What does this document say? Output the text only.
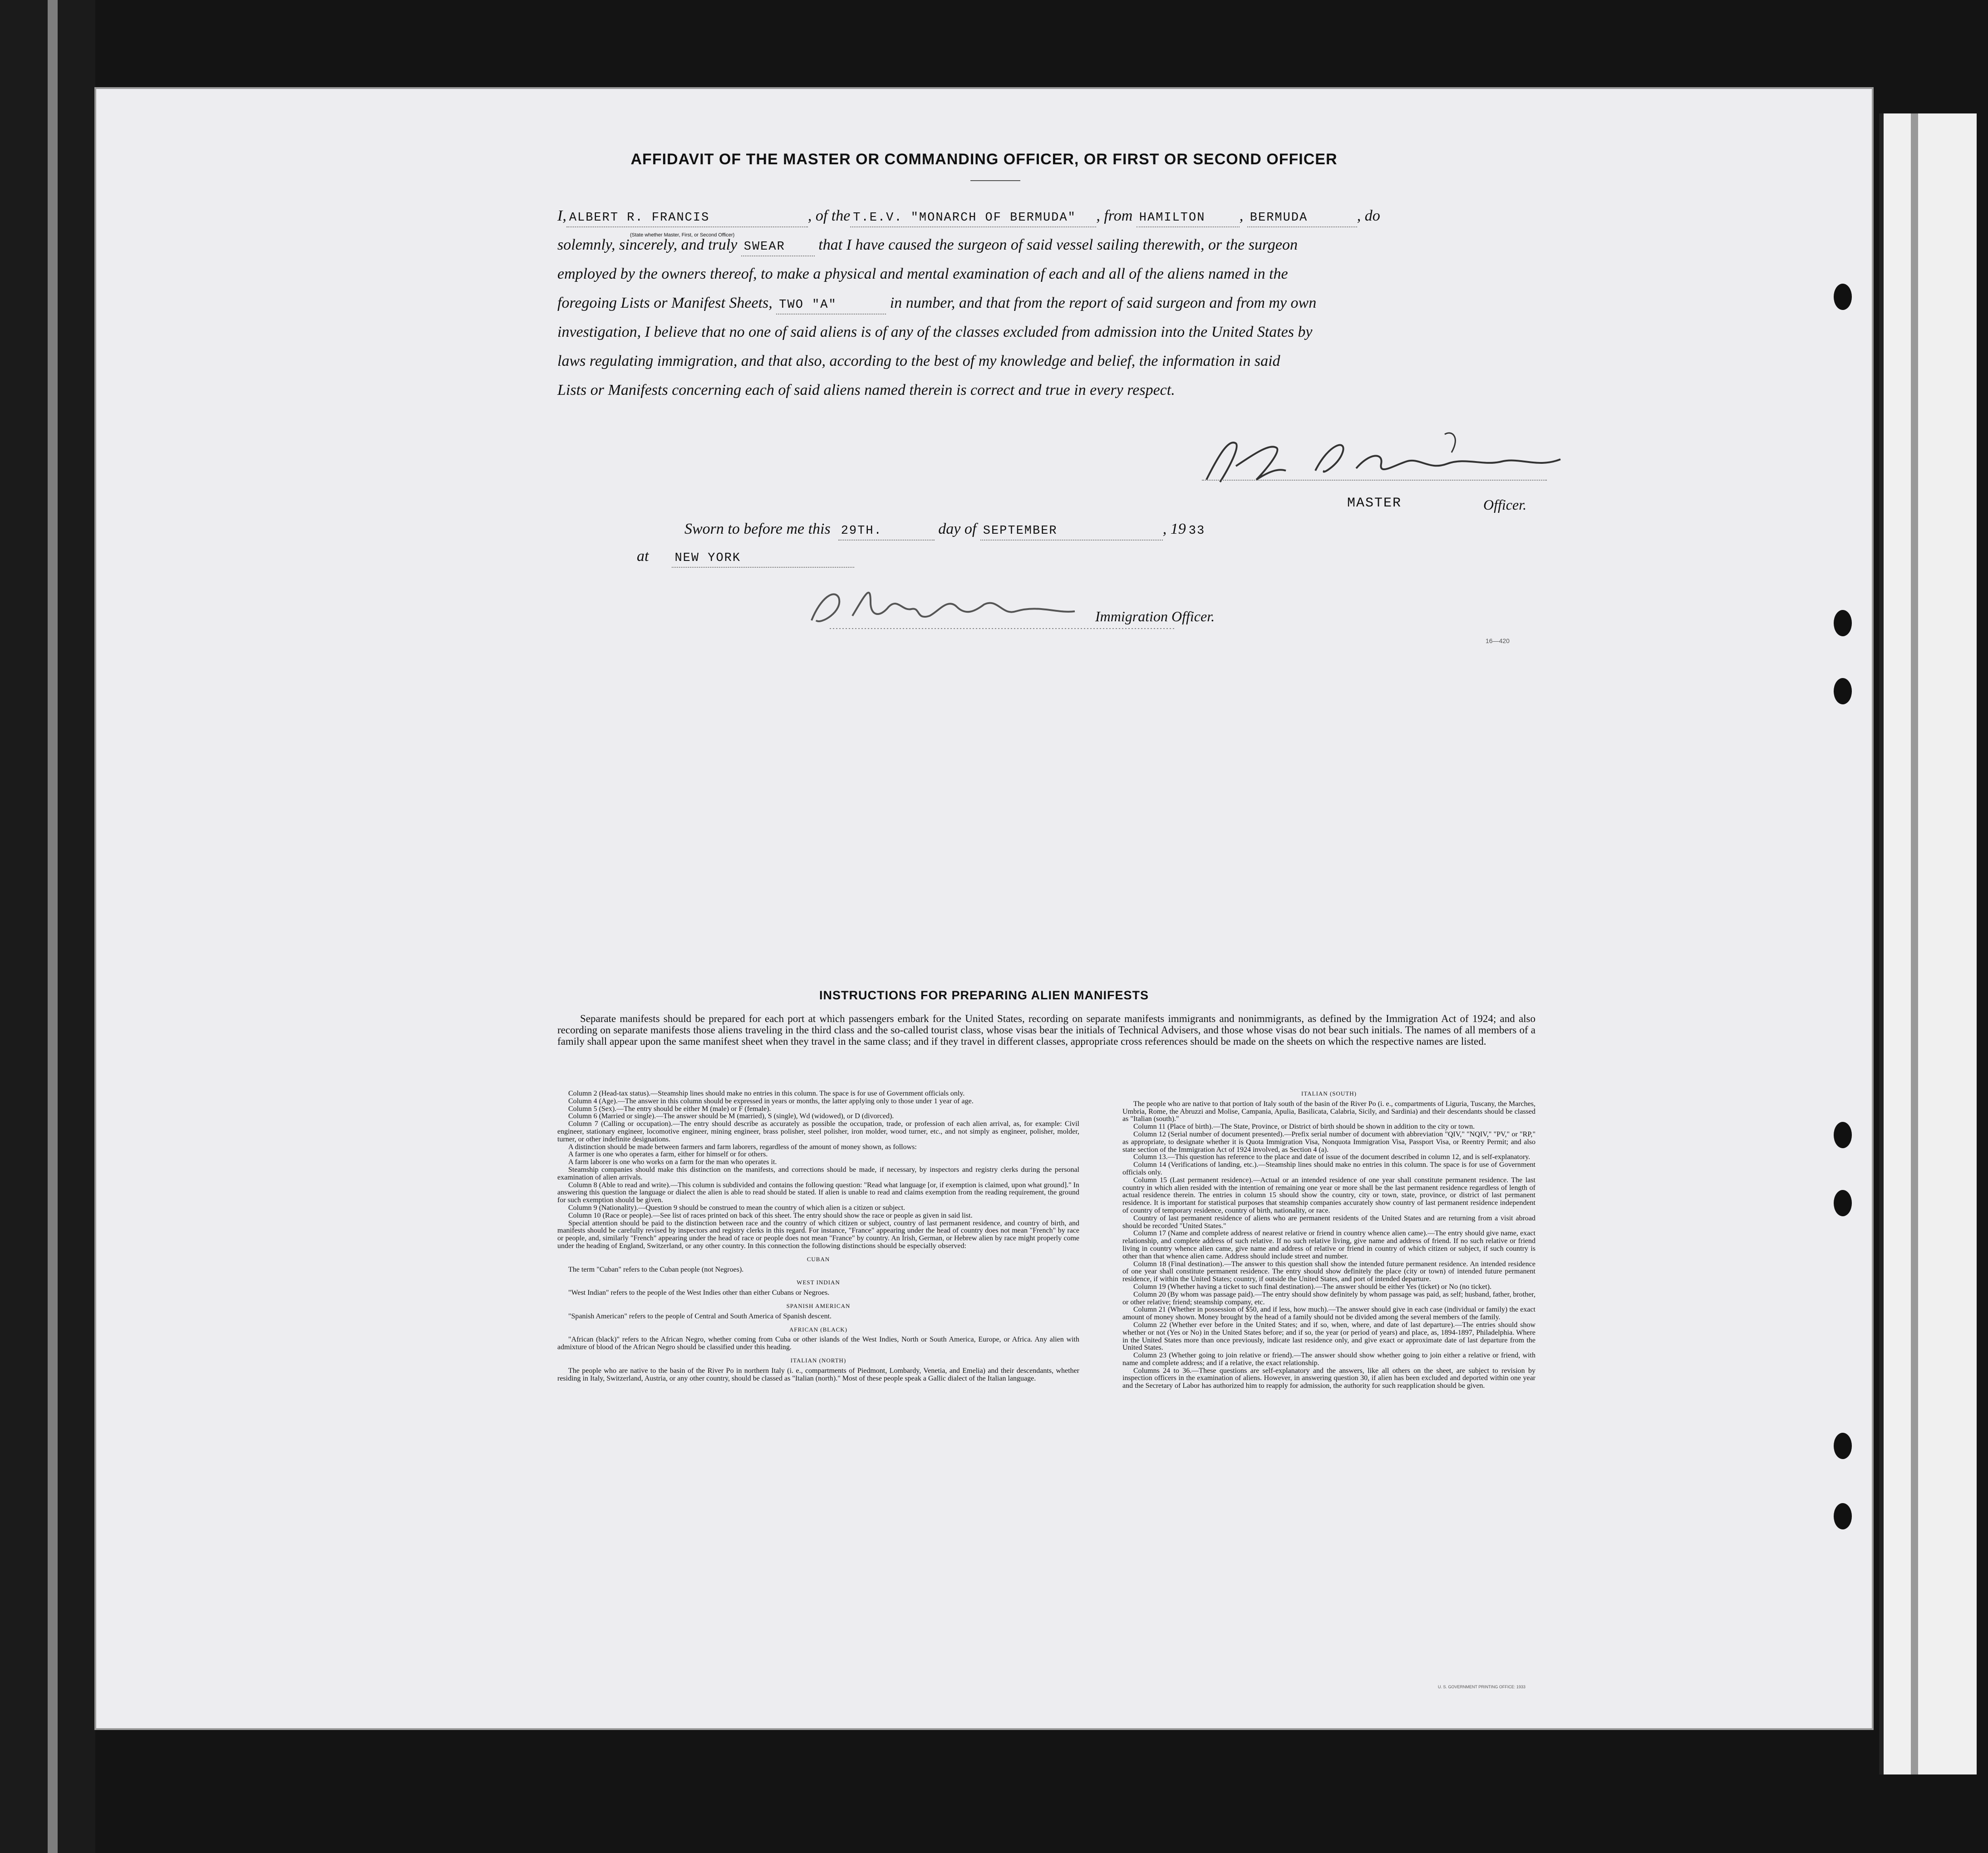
AFFIDAVIT OF THE MASTER OR COMMANDING OFFICER, OR FIRST OR SECOND OFFICER
I, ALBERT R. FRANCIS	, of the T.E.V. "MONARCH OF BERMUDA" , from HAMILTON , BERMUDA	, do
(State whether Master, First, or Second Officer)
solemnly, sincerely, and truly SWEAR that I have caused the surgeon of said vessel sailing therewith, or the surgeon
employed by the owners thereof, to make a physical and mental examination of each and all of the aliens named in the
foregoing Lists or Manifest Sheets, TWO "A"	in number, and that from the report of said surgeon and from my own
investigation, I believe that no one of said aliens is of any of the classes excluded from admission into the United States by
laws regulating immigration, and that also, according to the best of my knowledge and belief, the information in said
Lists or Manifests concerning each of said aliens named therein is correct and true in every respect.
MASTER	Officer.
Sworn to before me this 29TH.	day of SEPTEMBER	, 19 33
at NEW YORK
Immigration Officer.
16—420
INSTRUCTIONS FOR PREPARING ALIEN MANIFESTS
Separate manifests should be prepared for each port at which passengers embark for the United States, recording on separate manifests immigrants and nonimmigrants, as defined by the Immigration Act of 1924; and also recording on separate manifests those aliens traveling in the third class and the so-called tourist class, whose visas bear the initials of Technical Advisers, and those whose visas do not bear such initials. The names of all members of a family shall appear upon the same manifest sheet when they travel in the same class; and if they travel in different classes, appropriate cross references should be made on the sheets on which the respective names are listed.

Column 2 (Head-tax status).—Steamship lines should make no entries in this column. The space is for use of Government officials only.

Column 4 (Age).—The answer in this column should be expressed in years or months, the latter applying only to those under 1 year of age.

Column 5 (Sex).—The entry should be either M (male) or F (female).

Column 6 (Married or single).—The answer should be M (married), S (single), Wd (widowed), or D (divorced).

Column 7 (Calling or occupation).—The entry should describe as accurately as possible the occupation, trade, or profession of each alien arrival, as, for example: Civil engineer, stationary engineer, locomotive engineer, mining engineer, brass polisher, steel polisher, iron molder, wood turner, etc., and not simply as engineer, polisher, molder, turner, or other indefinite designations.

A distinction should be made between farmers and farm laborers, regardless of the amount of money shown, as follows:

A farmer is one who operates a farm, either for himself or for others.

A farm laborer is one who works on a farm for the man who operates it.

Steamship companies should make this distinction on the manifests, and corrections should be made, if necessary, by inspectors and registry clerks during the personal examination of alien arrivals.

Column 8 (Able to read and write).—This column is subdivided and contains the following question: "Read what language [or, if exemption is claimed, upon what ground]." In answering this question the language or dialect the alien is able to read should be stated. If alien is unable to read and claims exemption from the reading requirement, the ground for such exemption should be given.

Column 9 (Nationality).—Question 9 should be construed to mean the country of which alien is a citizen or subject.

Column 10 (Race or people).—See list of races printed on back of this sheet. The entry should show the race or people as given in said list.

Special attention should be paid to the distinction between race and the country of which citizen or subject, country of last permanent residence, and country of birth, and manifests should be carefully revised by inspectors and registry clerks in this regard. For instance, "France" appearing under the head of country does not mean "French" by race or people, and, similarly "French" appearing under the head of race or people does not mean "France" by country. An Irish, German, or Hebrew alien by race might properly come under the heading of England, Switzerland, or any other country. In this connection the following distinctions should be especially observed:

CUBAN

The term "Cuban" refers to the Cuban people (not Negroes).

WEST INDIAN

"West Indian" refers to the people of the West Indies other than either Cubans or Negroes.

SPANISH AMERICAN

"Spanish American" refers to the people of Central and South America of Spanish descent.

AFRICAN (BLACK)

"African (black)" refers to the African Negro, whether coming from Cuba or other islands of the West Indies, North or South America, Europe, or Africa. Any alien with admixture of blood of the African Negro should be classified under this heading.

ITALIAN (NORTH)

The people who are native to the basin of the River Po in northern Italy (i. e., compartments of Piedmont, Lombardy, Venetia, and Emelia) and their descendants, whether residing in Italy, Switzerland, Austria, or any other country, should be classed as "Italian (north)." Most of these people speak a Gallic dialect of the Italian language.

ITALIAN (SOUTH)

The people who are native to that portion of Italy south of the basin of the River Po (i. e., compartments of Liguria, Tuscany, the Marches, Umbria, Rome, the Abruzzi and Molise, Campania, Apulia, Basilicata, Calabria, Sicily, and Sardinia) and their descendants should be classed as "Italian (south)."

Column 11 (Place of birth).—The State, Province, or District of birth should be shown in addition to the city or town.

Column 12 (Serial number of document presented).—Prefix serial number of document with abbreviation "QIV," "NQIV," "PV," or "RP," as appropriate, to designate whether it is Quota Immigration Visa, Nonquota Immigration Visa, Passport Visa, or Reentry Permit; and also state section of the Immigration Act of 1924 involved, as Section 4 (a).

Column 13.—This question has reference to the place and date of issue of the document described in column 12, and is self-explanatory.

Column 14 (Verifications of landing, etc.).—Steamship lines should make no entries in this column. The space is for use of Government officials only.

Column 15 (Last permanent residence).—Actual or an intended residence of one year shall constitute permanent residence. The last country in which alien resided with the intention of remaining one year or more shall be the last permanent residence regardless of length of actual residence therein. The entries in column 15 should show the country, city or town, state, province, or district of last permanent residence. It is important for statistical purposes that steamship companies accurately show country of last permanent residence independent of country of temporary residence, country of birth, nationality, or race.

Country of last permanent residence of aliens who are permanent residents of the United States and are returning from a visit abroad should be recorded "United States."

Column 17 (Name and complete address of nearest relative or friend in country whence alien came).—The entry should give name, exact relationship, and complete address of such relative. If no such relative living, give name and address of friend. If no such relative or friend living in country whence alien came, give name and address of relative or friend in country of which citizen or subject, if such country is other than that whence alien came. Address should include street and number.

Column 18 (Final destination).—The answer to this question shall show the intended future permanent residence. An intended residence of one year shall constitute permanent residence. The entry should show definitely the place (city or town) of intended future permanent residence, if within the United States; country, if outside the United States, and port of intended departure.

Column 19 (Whether having a ticket to such final destination).—The answer should be either Yes (ticket) or No (no ticket).

Column 20 (By whom was passage paid).—The entry should show definitely by whom passage was paid, as self; husband, father, brother, or other relative; friend; steamship company, etc.

Column 21 (Whether in possession of $50, and if less, how much).—The answer should give in each case (individual or family) the exact amount of money shown. Money brought by the head of a family should not be divided among the several members of the family.

Column 22 (Whether ever before in the United States; and if so, when, where, and date of last departure).—The entries should show whether or not (Yes or No) in the United States before; and if so, the year (or period of years) and place, as, 1894-1897, Philadelphia. Where in the United States more than once previously, indicate last residence only, and give exact or approximate date of last departure from the United States.

Column 23 (Whether going to join relative or friend).—The answer should show whether going to join either a relative or friend, with name and complete address; and if a relative, the exact relationship.

Columns 24 to 36.—These questions are self-explanatory and the answers, like all others on the sheet, are subject to revision by inspection officers in the examination of aliens. However, in answering question 30, if alien has been excluded and deported within one year and the Secretary of Labor has authorized him to reapply for admission, the authority for such reapplication should be given.

U. S. GOVERNMENT PRINTING OFFICE: 1933
